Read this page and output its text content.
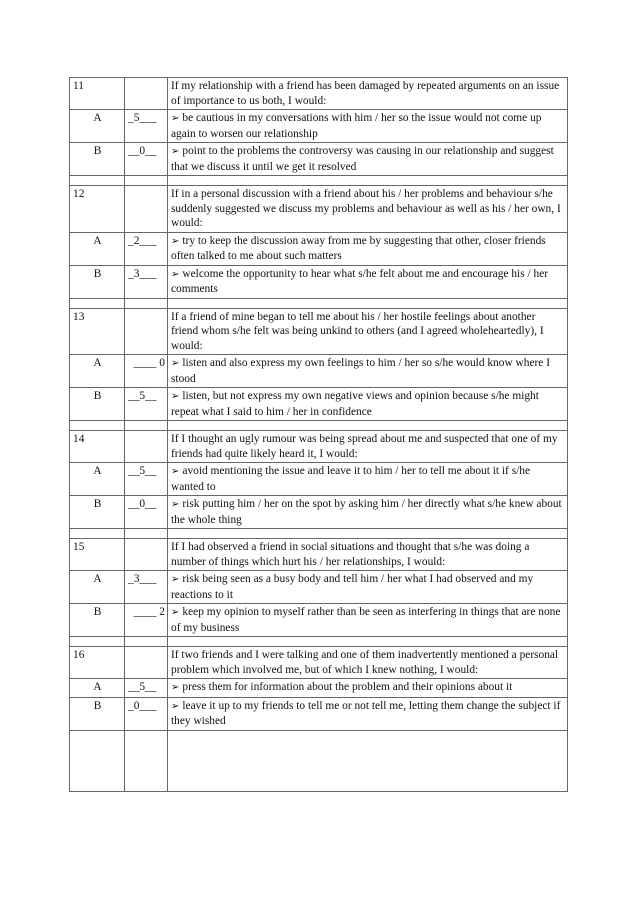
11		If my relationship with a friend has been damaged by repeated arguments on an issue of importance to us both, I would:
A	_5___	➢ be cautious in my conversations with him / her so the issue would not come up again to worsen our relationship
B	__0__	➢ point to the problems the controversy was causing in our relationship and suggest that we discuss it until we get it resolved

12		If in a personal discussion with a friend about his / her problems and behaviour s/he suddenly suggested we discuss my problems and behaviour as well as his / her own, I would:
A	_2___	➢ try to keep the discussion away from me by suggesting that other, closer friends often talked to me about such matters
B	_3___	➢ welcome the opportunity to hear what s/he felt about me and encourage his / her comments

13		If a friend of mine began to tell me about his / her hostile feelings about another friend whom s/he felt was being unkind to others (and I agreed wholeheartedly), I would:
A	____ 0	➢ listen and also express my own feelings to him / her so s/he would know where I stood
B	__5__	➢ listen, but not express my own negative views and opinion because s/he might repeat what I said to him / her in confidence

14		If I thought an ugly rumour was being spread about me and suspected that one of my friends had quite likely heard it, I would:
A	__5__	➢ avoid mentioning the issue and leave it to him / her to tell me about it if s/he wanted to
B	__0__	➢ risk putting him / her on the spot by asking him / her directly what s/he knew about the whole thing

15		If I had observed a friend in social situations and thought that s/he was doing a number of things which hurt his / her relationships, I would:
A	_3___	➢ risk being seen as a busy body and tell him / her what I had observed and my reactions to it
B	____ 2	➢ keep my opinion to myself rather than be seen as interfering in things that are none of my business

16		If two friends and I were talking and one of them inadvertently mentioned a personal problem which involved me, but of which I knew nothing, I would:
A	__5__	➢ press them for information about the problem and their opinions about it
B	_0___	➢ leave it up to my friends to tell me or not tell me, letting them change the subject if they wished
